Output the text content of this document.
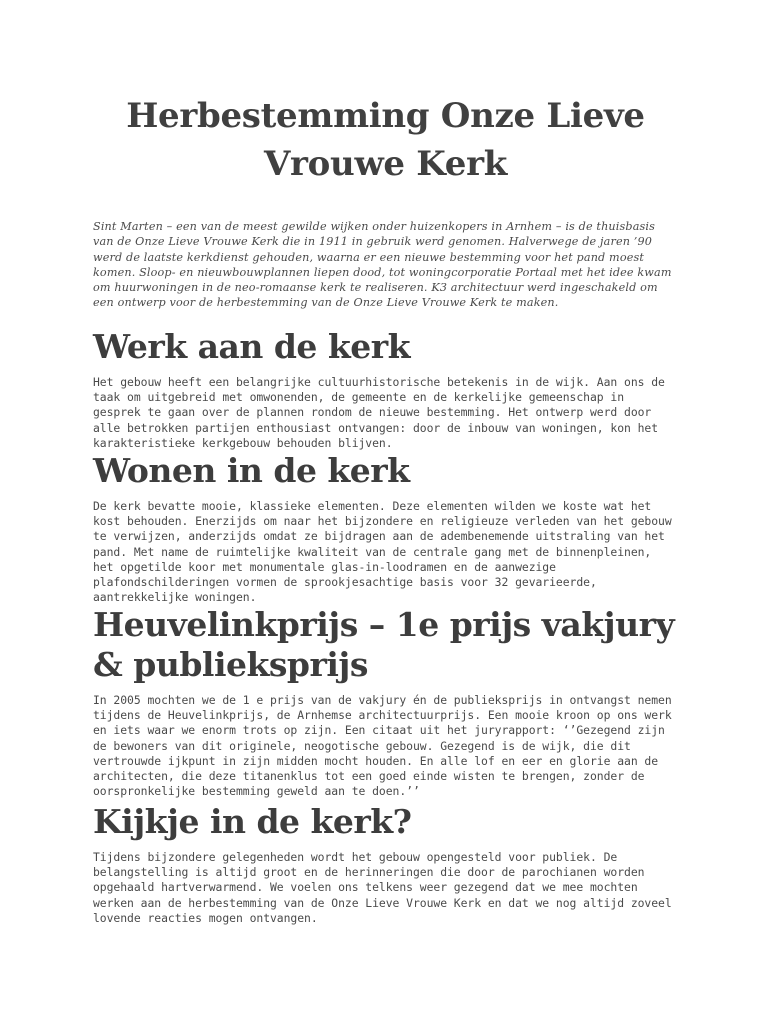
Herbestemming Onze Lieve Vrouwe Kerk

Sint Marten – een van de meest gewilde wijken onder huizenkopers in Arnhem – is de thuisbasis van de Onze Lieve Vrouwe Kerk die in 1911 in gebruik werd genomen. Halverwege de jaren ’90 werd de laatste kerkdienst gehouden, waarna er een nieuwe bestemming voor het pand moest komen. Sloop- en nieuwbouwplannen liepen dood, tot woningcorporatie Portaal met het idee kwam om huurwoningen in de neo-romaanse kerk te realiseren. K3 architectuur werd ingeschakeld om een ontwerp voor de herbestemming van de Onze Lieve Vrouwe Kerk te maken.

Werk aan de kerk

Het gebouw heeft een belangrijke cultuurhistorische betekenis in de wijk. Aan ons de taak om uitgebreid met omwonenden, de gemeente en de kerkelijke gemeenschap in gesprek te gaan over de plannen rondom de nieuwe bestemming. Het ontwerp werd door alle betrokken partijen enthousiast ontvangen: door de inbouw van woningen, kon het karakteristieke kerkgebouw behouden blijven.

Wonen in de kerk

De kerk bevatte mooie, klassieke elementen. Deze elementen wilden we koste wat het kost behouden. Enerzijds om naar het bijzondere en religieuze verleden van het gebouw te verwijzen, anderzijds omdat ze bijdragen aan de adembenemende uitstraling van het pand. Met name de ruimtelijke kwaliteit van de centrale gang met de binnenpleinen, het opgetilde koor met monumentale glas-in-loodramen en de aanwezige plafondschilderingen vormen de sprookjesachtige basis voor 32 gevarieerde, aantrekkelijke woningen.

Heuvelinkprijs – 1e prijs vakjury & publieksprijs

In 2005 mochten we de 1 e prijs van de vakjury én de publieksprijs in ontvangst nemen tijdens de Heuvelinkprijs, de Arnhemse architectuurprijs. Een mooie kroon op ons werk en iets waar we enorm trots op zijn. Een citaat uit het juryrapport: ‘’Gezegend zijn de bewoners van dit originele, neogotische gebouw. Gezegend is de wijk, die dit vertrouwde ijkpunt in zijn midden mocht houden. En alle lof en eer en glorie aan de architecten, die deze titanenklus tot een goed einde wisten te brengen, zonder de oorspronkelijke bestemming geweld aan te doen.’’

Kijkje in de kerk?

Tijdens bijzondere gelegenheden wordt het gebouw opengesteld voor publiek. De belangstelling is altijd groot en de herinneringen die door de parochianen worden opgehaald hartverwarmend. We voelen ons telkens weer gezegend dat we mee mochten werken aan de herbestemming van de Onze Lieve Vrouwe Kerk en dat we nog altijd zoveel lovende reacties mogen ontvangen.
